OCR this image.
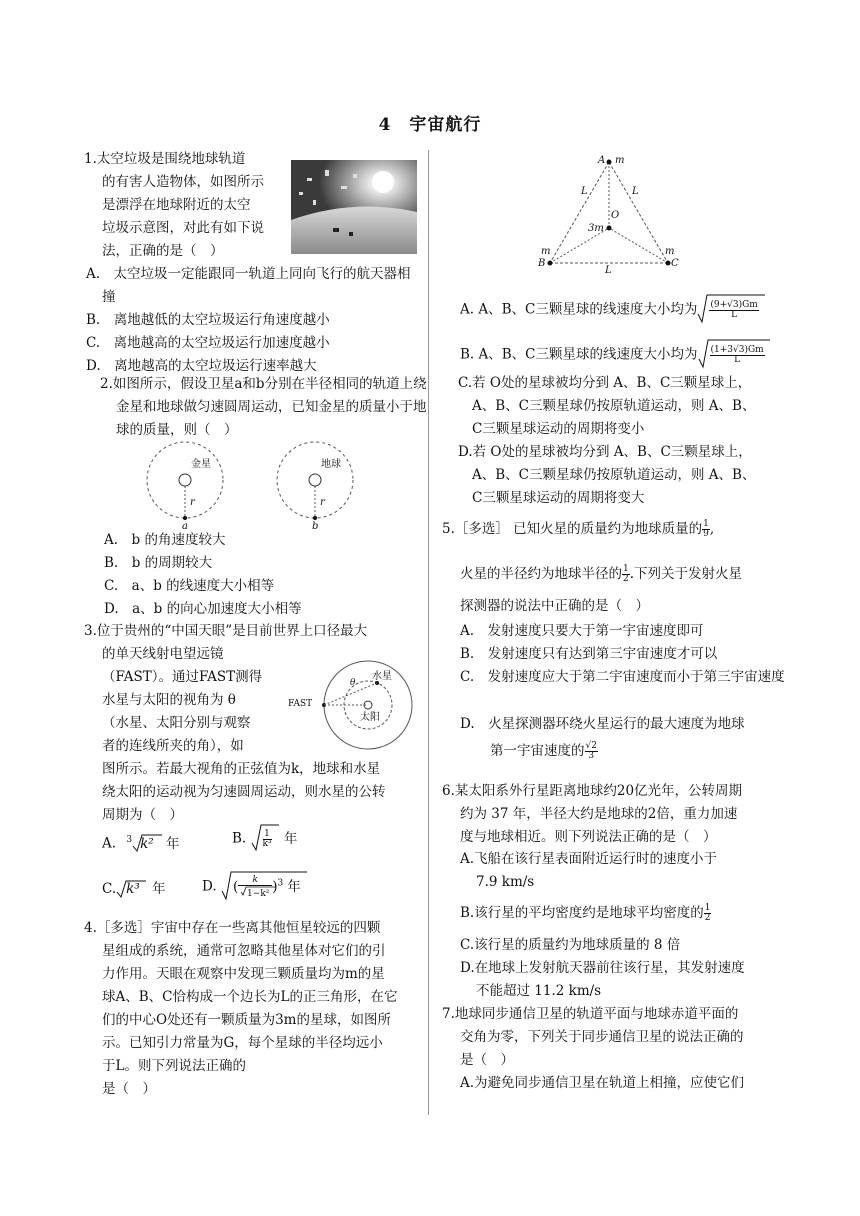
4　宇宙航行

1.太空垃圾是围绕地球轨道

的有害人造物体，如图所示

是漂浮在地球附近的太空

垃圾示意图，对此有如下说

法，正确的是（　）

A.　太空垃圾一定能跟同一轨道上同向飞行的航天器相撞

B.　离地越低的太空垃圾运行角速度越小

C.　离地越高的太空垃圾运行加速度越小

D.　离地越高的太空垃圾运行速率越大

2.如图所示，假设卫星a和b分别在半径相同的轨道上绕金星和地球做匀速圆周运动，已知金星的质量小于地球的质量，则（　）

金星	地球
r	r
a	b

A.　b 的角速度较大

B.　b 的周期较大

C.　a、b 的线速度大小相等

D.　a、b 的向心加速度大小相等

3.位于贵州的“中国天眼”是目前世界上口径最大

的单天线射电望远镜

（FAST）。通过FAST测得

水星与太阳的视角为 θ

（水星、太阳分别与观察

者的连线所夹的角），如

图所示。若最大视角的正弦值为k，地球和水星

绕太阳的运动视为匀速圆周运动，则水星的公转

周期为（　）

FAST
θ
水星
太阳
A. $^3$ k² 年	B. $\frac{1}{\text{k³}}$ 年
C. k³ 年	D. ( $\frac{k}{\text{1−k²}})^3$ 年

4.［多选］宇宙中存在一些离其他恒星较远的四颗

星组成的系统，通常可忽略其他星体对它们的引

力作用。天眼在观察中发现三颗质量均为m的星

球A、B、C恰构成一个边长为L的正三角形，在它

们的中心O处还有一颗质量为3m的星球，如图所

示。已知引力常量为G，每个星球的半径均远小

于L。则下列说法正确的

是（　）

A m
L	L
O
3m
m	m
B	C
L
A. A、B、C三颗星球的线速度大小均为 $\frac{(9+√3)Gm}{L}$
B. A、B、C三颗星球的线速度大小均为 $\frac{(1+3√3)Gm}{L}$

C.若 O处的星球被均分到 A、B、C三颗星球上，

A、B、C三颗星球仍按原轨道运动，则 A、B、

C三颗星球运动的周期将变小

D.若 O处的星球被均分到 A、B、C三颗星球上，

A、B、C三颗星球仍按原轨道运动，则 A、B、

C三颗星球运动的周期将变大

5.［多选］ 已知火星的质量约为地球质量的 $\frac{1}{9}$ ,
火星的半径约为地球半径的 $\frac{1}{2}$ .下列关于发射火星

探测器的说法中正确的是（　）

A.　发射速度只要大于第一宇宙速度即可

B.　发射速度只有达到第三宇宙速度才可以

C.　发射速度应大于第二宇宙速度而小于第三宇宙速度

D.　火星探测器环绕火星运行的最大速度为地球

第一宇宙速度的 $\frac{√2}{3}$

6.某太阳系外行星距离地球约20亿光年，公转周期

约为 37 年，半径大约是地球的2倍，重力加速

度与地球相近。则下列说法正确的是（　）

A.飞船在该行星表面附近运行时的速度小于

7.9 km/s

B.该行星的平均密度约是地球平均密度的 $\frac{1}{2}$

C.该行星的质量约为地球质量的 8 倍

D.在地球上发射航天器前往该行星，其发射速度

不能超过 11.2 km/s

7.地球同步通信卫星的轨道平面与地球赤道平面的

交角为零，下列关于同步通信卫星的说法正确的

是（　）

A.为避免同步通信卫星在轨道上相撞，应使它们
